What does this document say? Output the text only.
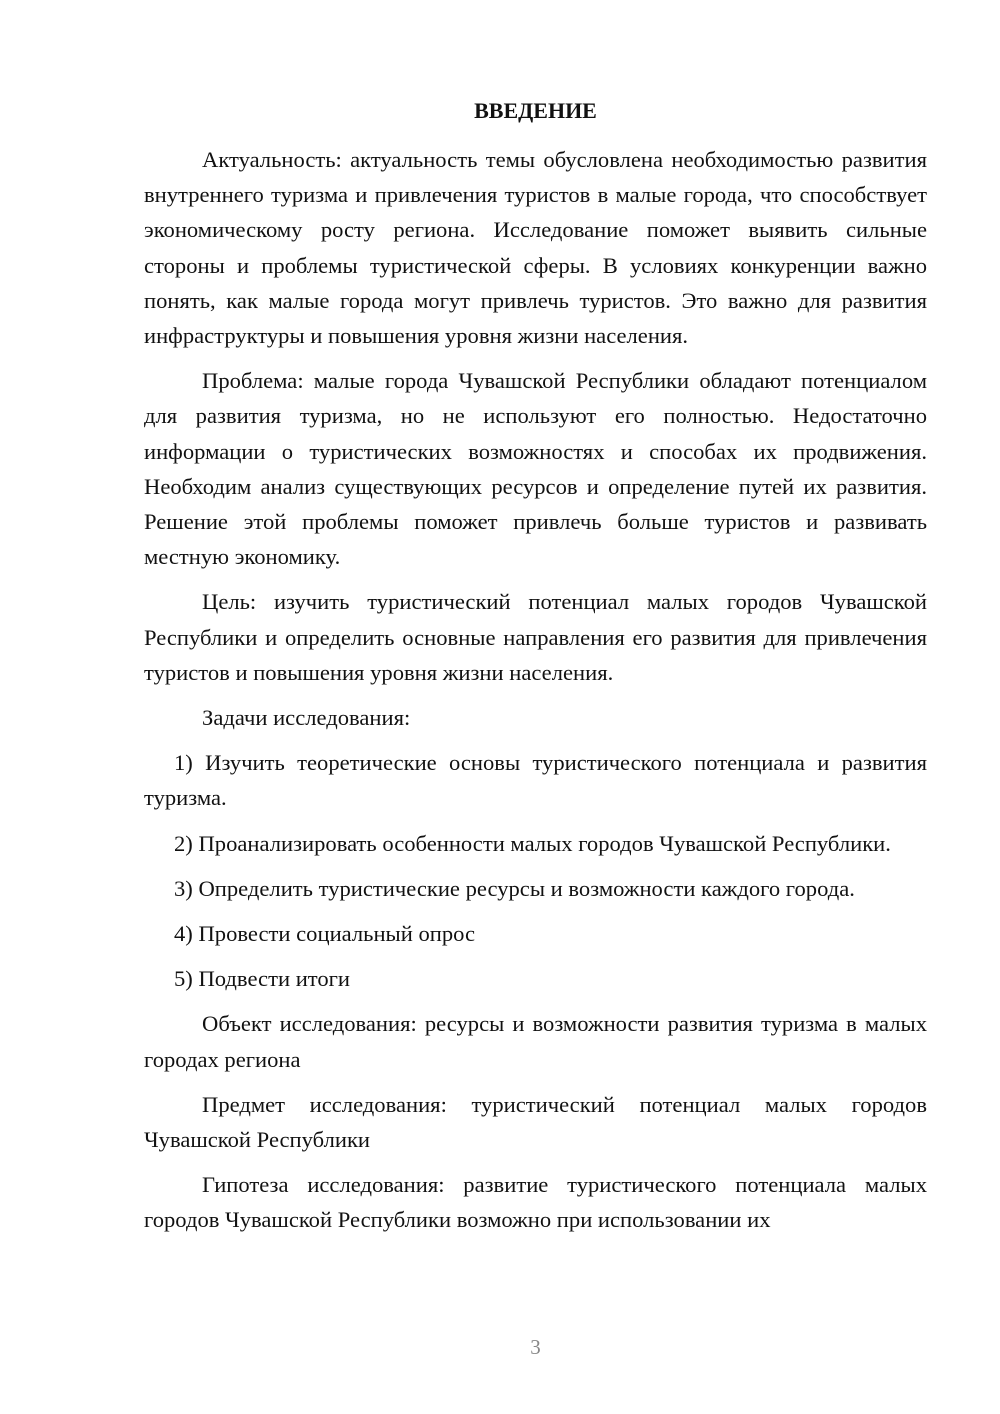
ВВЕДЕНИЕ

Актуальность: актуальность темы обусловлена необходимостью развития внутреннего туризма и привлечения туристов в малые города, что способствует экономическому росту региона. Исследование поможет выявить сильные стороны и проблемы туристической сферы. В условиях конкуренции важно понять, как малые города могут привлечь туристов. Это важно для развития инфраструктуры и повышения уровня жизни населения.

Проблема: малые города Чувашской Республики обладают потенциалом для развития туризма, но не используют его полностью. Недостаточно информации о туристических возможностях и способах их продвижения. Необходим анализ существующих ресурсов и определение путей их развития. Решение этой проблемы поможет привлечь больше туристов и развивать местную экономику.

Цель: изучить туристический потенциал малых городов Чувашской Республики и определить основные направления его развития для привлечения туристов и повышения уровня жизни населения.

Задачи исследования:

1) Изучить теоретические основы туристического потенциала и развития туризма.

2) Проанализировать особенности малых городов Чувашской Республики.

3) Определить туристические ресурсы и возможности каждого города.

4) Провести социальный опрос

5) Подвести итоги

Объект исследования: ресурсы и возможности развития туризма в малых городах региона

Предмет исследования: туристический потенциал малых городов Чувашской Республики

Гипотеза исследования: развитие туристического потенциала малых городов Чувашской Республики возможно при использовании их

3
